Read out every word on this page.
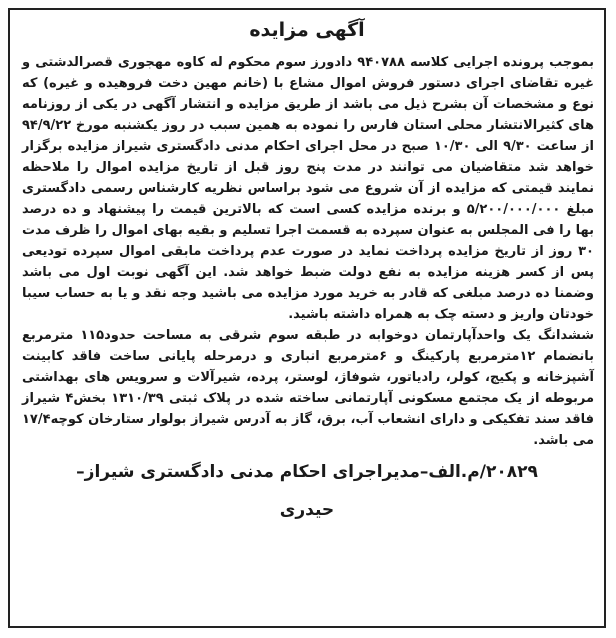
آگهی مزایده

بموجب پرونده اجرایی کلاسه ۹۴۰۷۸۸ دادورز سوم محکوم له کاوه مهجوری قصرالدشتی و غیره تقاضای اجرای دستور فروش اموال مشاع با (خانم مهین دخت فروهیده و غیره) که نوع و مشخصات آن بشرح ذیل می باشد از طریق مزایده و انتشار آگهی در یکی از روزنامه های کثیرالانتشار محلی استان فارس را نموده به همین سبب در روز یکشنبه مورخ ۹۴/۹/۲۲ از ساعت ۹/۳۰ الی ۱۰/۳۰ صبح در محل اجرای احکام مدنی دادگستری شیراز مزایده برگزار خواهد شد متقاضیان می توانند در مدت پنج روز قبل از تاریخ مزایده اموال را ملاحظه نمایند قیمتی که مزایده از آن شروع می شود براساس نظریه کارشناس رسمی دادگستری مبلغ ۵/۲۰۰/۰۰۰/۰۰۰ و برنده مزایده کسی است که بالاترین قیمت را پیشنهاد و ده درصد بها را فی المجلس به عنوان سپرده به قسمت اجرا تسلیم و بقیه بهای اموال را ظرف مدت ۳۰ روز از تاریخ مزایده پرداخت نماید در صورت عدم پرداخت مابقی اموال سپرده تودیعی پس از کسر هزینه مزایده به نفع دولت ضبط خواهد شد. این آگهی نوبت اول می باشد وضمنا ده درصد مبلغی که قادر به خرید مورد مزایده می باشید وجه نقد و یا به حساب سیبا خودتان واریز و دسته چک به همراه داشته باشید.

ششدانگ یک واحدآپارتمان دوخوابه در طبقه سوم شرقی به مساحت حدود۱۱۵ مترمربع بانضمام ۱۲مترمربع پارکینگ و ۶مترمربع انباری و درمرحله پایانی ساخت فاقد کابینت آشپزخانه و پکیج، کولر، رادیاتور، شوفاژ، لوستر، پرده، شیرآلات و سرویس های بهداشتی مربوطه از یک مجتمع مسکونی آپارتمانی ساخته شده در پلاک ثبتی ۱۳۱۰/۳۹ بخش۴ شیراز فاقد سند تفکیکی و دارای انشعاب آب، برق، گاز به آدرس شیراز بولوار ستارخان کوچه۱۷/۴ می باشد.

۲۰۸۲۹/م.الف–مدیراجرای احکام مدنی دادگستری شیراز–
حیدری
